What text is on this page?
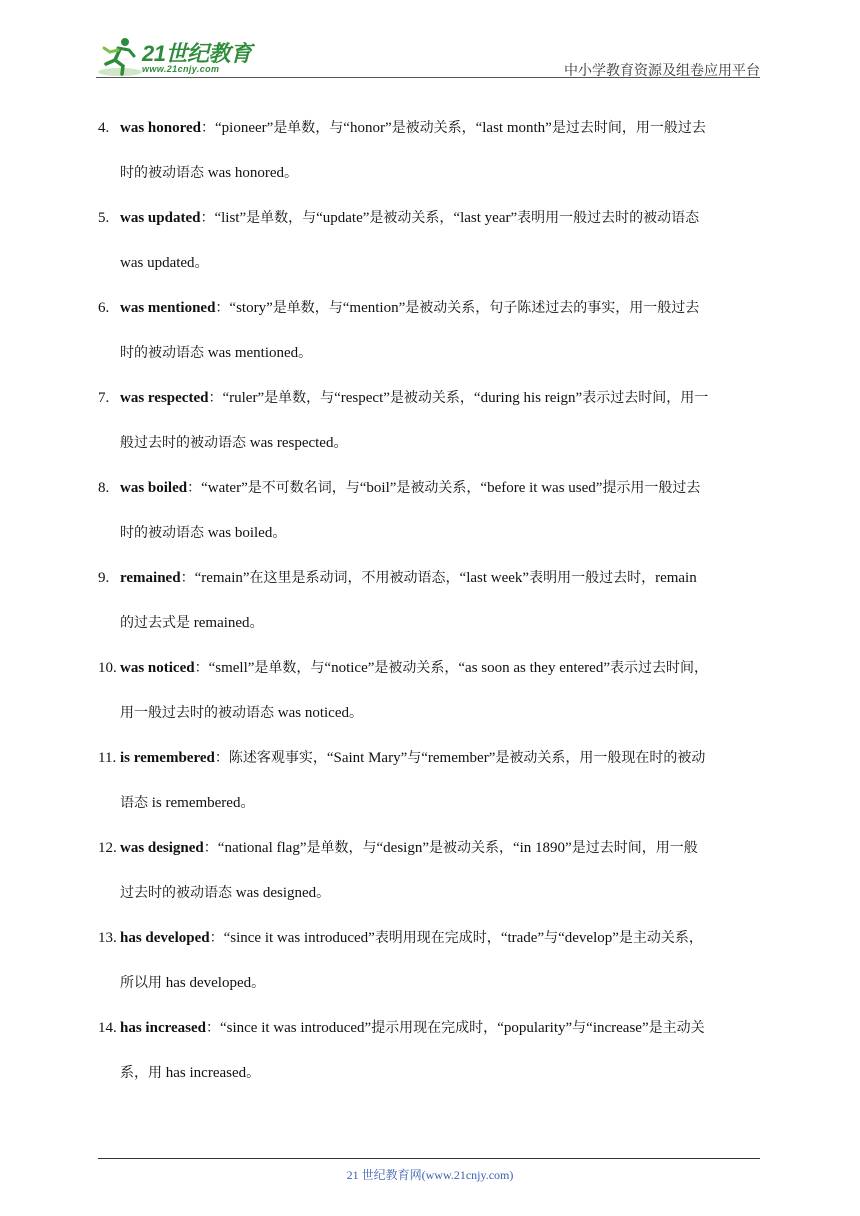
21世纪教育
www.21cnjy.com	中小学教育资源及组卷应用平台
4. was honored：“pioneer”是单数，与“honor”是被动关系，“last month”是过去时间，用一般过去

时的被动语态 was honored。

5. was updated：“list”是单数，与“update”是被动关系，“last year”表明用一般过去时的被动语态

was updated。

6. was mentioned：“story”是单数，与“mention”是被动关系，句子陈述过去的事实，用一般过去

时的被动语态 was mentioned。

7. was respected：“ruler”是单数，与“respect”是被动关系，“during his reign”表示过去时间，用一

般过去时的被动语态 was respected。

8. was boiled：“water”是不可数名词，与“boil”是被动关系，“before it was used”提示用一般过去

时的被动语态 was boiled。

9. remained：“remain”在这里是系动词，不用被动语态，“last week”表明用一般过去时，remain

的过去式是 remained。

10. was noticed：“smell”是单数，与“notice”是被动关系，“as soon as they entered”表示过去时间，

用一般过去时的被动语态 was noticed。

11. is remembered：陈述客观事实，“Saint Mary”与“remember”是被动关系，用一般现在时的被动

语态 is remembered。

12. was designed：“national flag”是单数，与“design”是被动关系，“in 1890”是过去时间，用一般

过去时的被动语态 was designed。

13. has developed：“since it was introduced”表明用现在完成时，“trade”与“develop”是主动关系，

所以用 has developed。

14. has increased：“since it was introduced”提示用现在完成时，“popularity”与“increase”是主动关

系，用 has increased。

21 世纪教育网(www.21cnjy.com)
